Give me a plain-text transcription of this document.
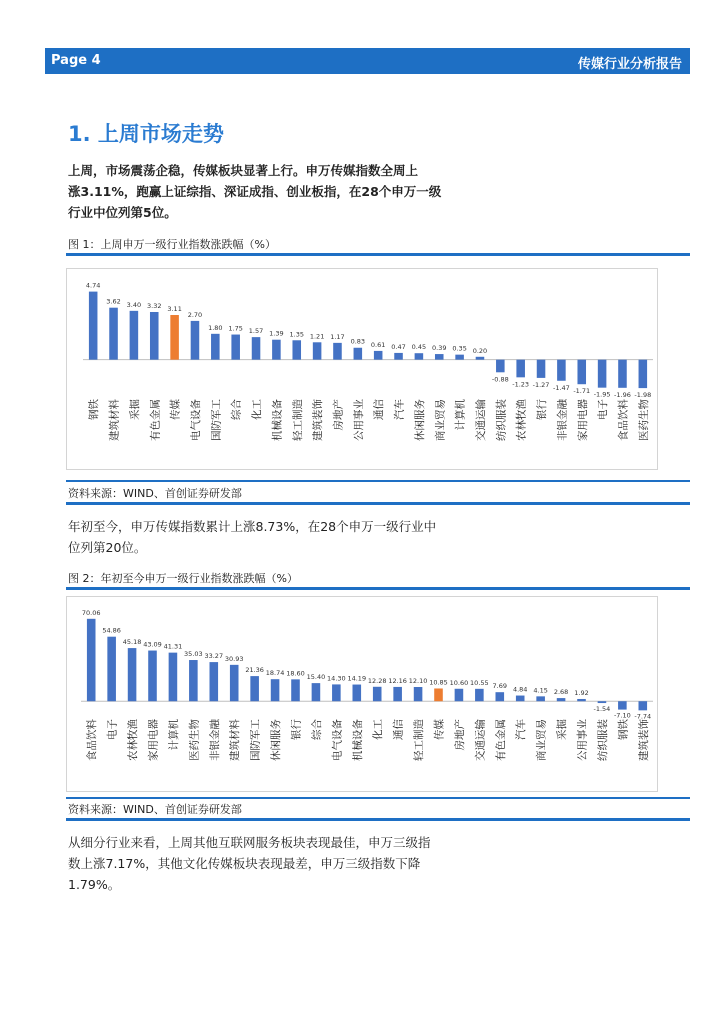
Page 4	传媒行业分析报告
1. 上周市场走势
上周，市场震荡企稳，传媒板块显著上行。申万传媒指数全周上
涨3.11%，跑赢上证综指、深证成指、创业板指，在28个申万一级
行业中位列第5位。
图 1：上周申万一级行业指数涨跌幅（%）
4.74
钢铁
3.62
建筑材料
3.40
采掘
3.32
有色金属
3.11
传媒
2.70
电气设备
1.80
国防军工
1.75
综合
1.57
化工
1.39
机械设备
1.35
轻工制造
1.21
建筑装饰
1.17
房地产
0.83
公用事业
0.61
通信
0.47
汽车
0.45
休闲服务
0.39
商业贸易
0.35
计算机
0.20
交通运输
-0.88
纺织服装
-1.23
农林牧渔
-1.27
银行
-1.47
非银金融
-1.71
家用电器
-1.95
电子
-1.96
食品饮料
-1.98
医药生物
资料来源：WIND、首创证券研发部
年初至今，申万传媒指数累计上涨8.73%，在28个申万一级行业中
位列第20位。
图 2：年初至今申万一级行业指数涨跌幅（%）
70.06
食品饮料
54.86
电子
45.18
农林牧渔
43.09
家用电器
41.31
计算机
35.03
医药生物
33.27
非银金融
30.93
建筑材料
21.36
国防军工
18.74
休闲服务
18.60
银行
15.40
综合
14.30
电气设备
14.19
机械设备
12.28
化工
12.16
通信
12.10
轻工制造
10.85
传媒
10.60
房地产
10.55
交通运输
7.69
有色金属
4.84
汽车
4.15
商业贸易
2.68
采掘
1.92
公用事业
-1.54
纺织服装
-7.10
钢铁
-7.74
建筑装饰
资料来源：WIND、首创证券研发部
从细分行业来看，上周其他互联网服务板块表现最佳，申万三级指
数上涨7.17%，其他文化传媒板块表现最差，申万三级指数下降
1.79%。
